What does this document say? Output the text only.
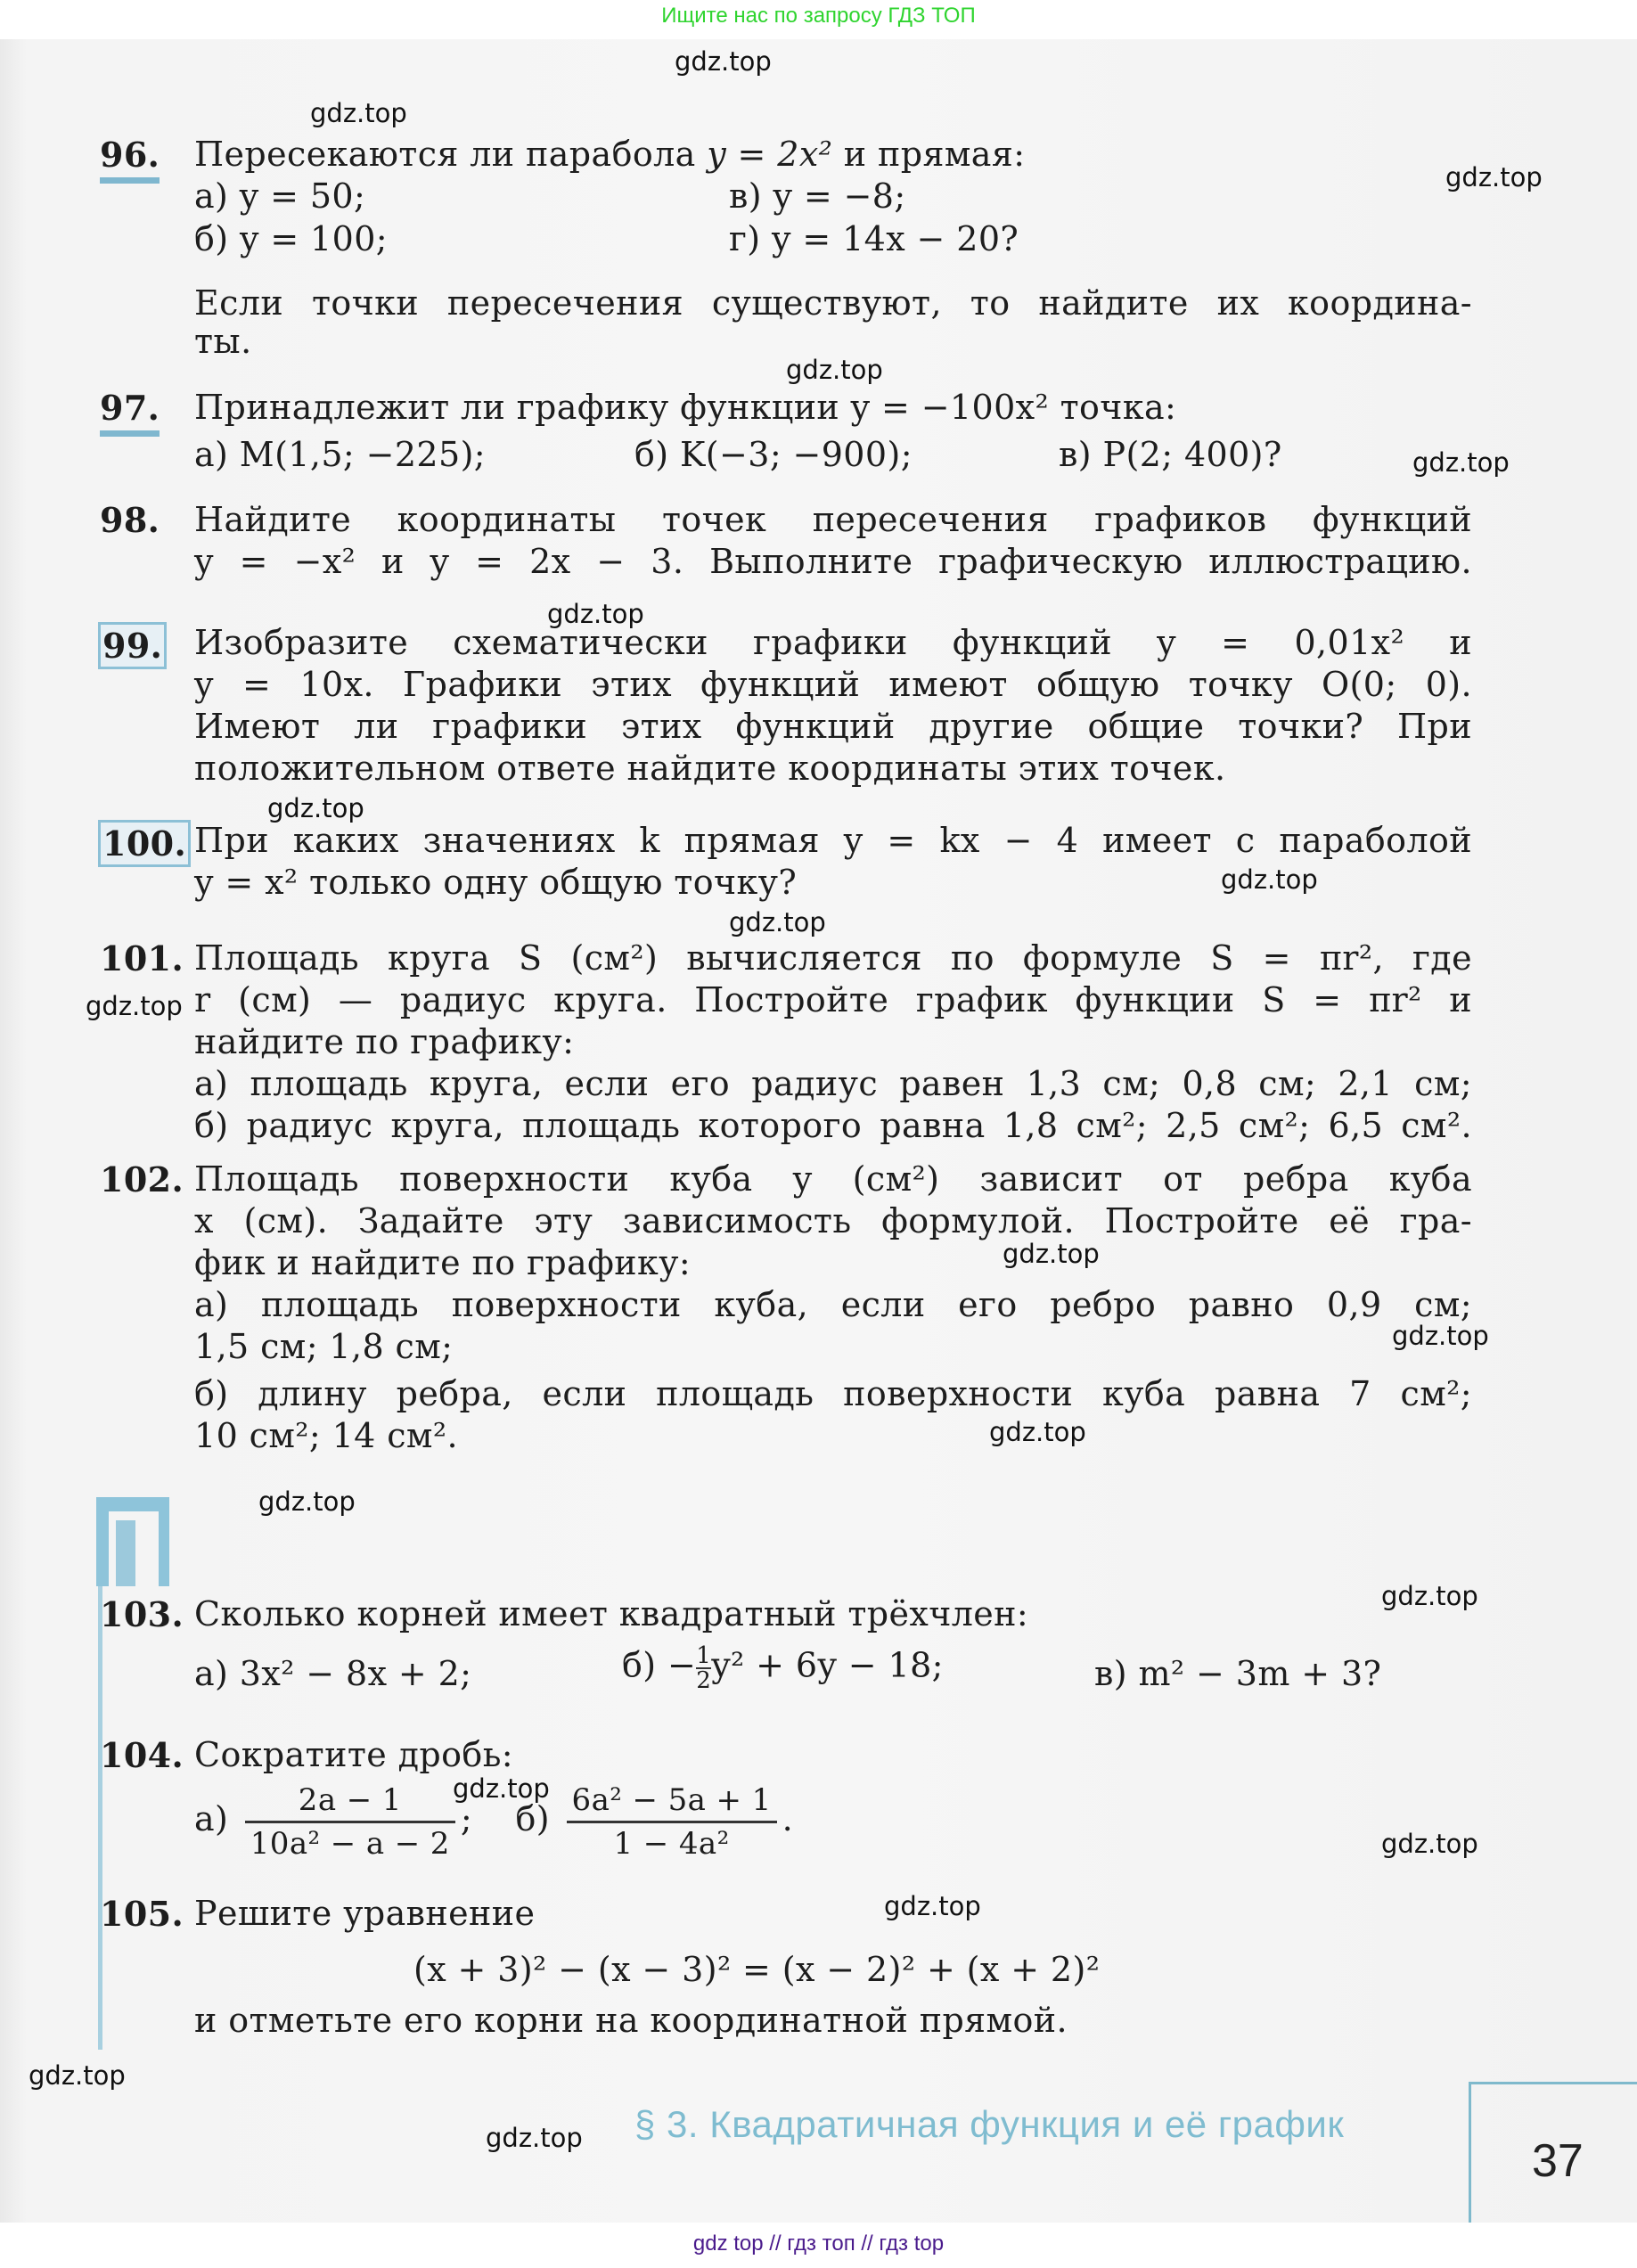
Ищите нас по запросу ГДЗ ТОП
gdz.top
gdz.top
gdz.top
gdz.top
gdz.top
gdz.top
gdz.top
gdz.top
gdz.top
gdz.top
gdz.top
gdz.top
gdz.top
gdz.top
gdz.top
gdz.top
gdz.top
gdz.top
gdz.top
gdz.top
96. Пересекаются ли парабола y = 2x² и прямая:
а) y = 50;
б) y = 100;
в) y = −8;
г) y = 14x − 20?
Если точки пересечения существуют, то найдите их координа-
ты.
97. Принадлежит ли графику функции y = −100x² точка:
а) M(1,5; −225);	б) K(−3; −900);	в) P(2; 400)?
98. Найдите координаты точек пересечения графиков функций
y = −x² и y = 2x − 3. Выполните графическую иллюстрацию.
99. Изобразите схематически графики функций y = 0,01x² и
y = 10x. Графики этих функций имеют общую точку O(0; 0).
Имеют ли графики этих функций другие общие точки? При
положительном ответе найдите координаты этих точек.
100. При каких значениях k прямая y = kx − 4 имеет с параболой
y = x² только одну общую точку?
101. Площадь круга S (см²) вычисляется по формуле S = πr², где
r (см) — радиус круга. Постройте график функции S = πr² и
найдите по графику:
а) площадь круга, если его радиус равен 1,3 см; 0,8 см; 2,1 см;
б) радиус круга, площадь которого равна 1,8 см²; 2,5 см²; 6,5 см².
102. Площадь поверхности куба y (см²) зависит от ребра куба
x (см). Задайте эту зависимость формулой. Постройте её гра-
фик и найдите по графику:
а) площадь поверхности куба, если его ребро равно 0,9 см;
1,5 см; 1,8 см;
б) длину ребра, если площадь поверхности куба равна 7 см²;
10 см²; 14 см².
103. Сколько корней имеет квадратный трёхчлен:
а) 3x² − 8x + 2;	$б) - \frac{1}{2}y^2 + 6y - 18$;	в) m² − 3m + 3?
104. Сократите дробь:
$а) \frac{2a - 1}{\text{10a² − a − 2}}$ ; $б) \frac{\text{6a² − 5a + 1}}{\text{1 − 4a²}}$ .
105. Решите уравнение
(x + 3)² − (x − 3)² = (x − 2)² + (x + 2)²
и отметьте его корни на координатной прямой.
§ 3. Квадратичная функция и её график
37
gdz top // гдз топ // гдз top
